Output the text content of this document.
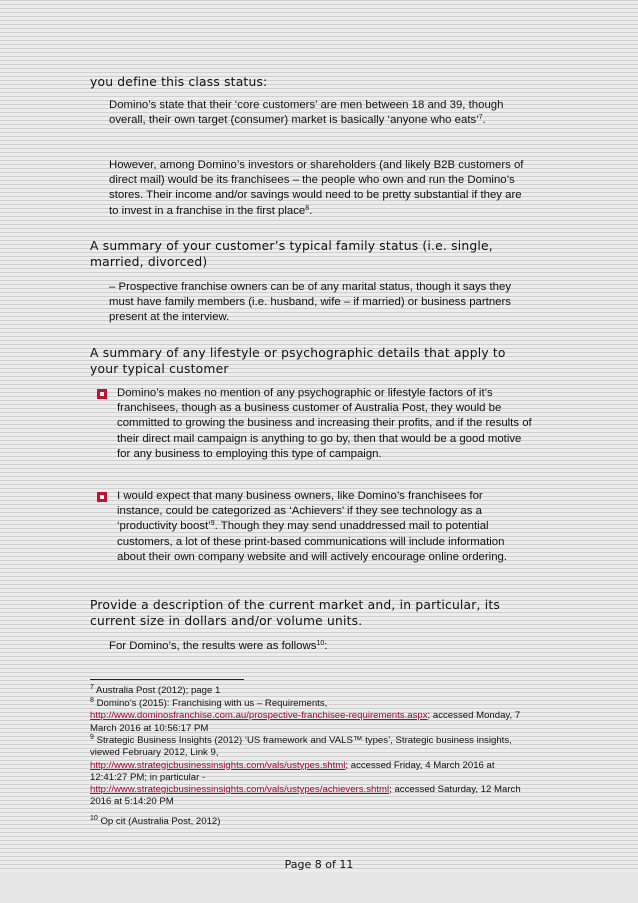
you define this class status:
Domino’s state that their ‘core customers’ are men between 18 and 39, though overall, their own target (consumer) market is basically ‘anyone who eats’$^7$.
However, among Domino’s investors or shareholders (and likely B2B customers of direct mail) would be its franchisees – the people who own and run the Domino’s stores. Their income and/or savings would need to be pretty substantial if they are to invest in a franchise in the first place$^8$.
A summary of your customer’s typical family status (i.e. single, married, divorced)
– Prospective franchise owners can be of any marital status, though it says they must have family members (i.e. husband, wife – if married) or business partners present at the interview.
A summary of any lifestyle or psychographic details that apply to your typical customer
Domino’s makes no mention of any psychographic or lifestyle factors of it’s franchisees, though as a business customer of Australia Post, they would be committed to growing the business and increasing their profits, and if the results of their direct mail campaign is anything to go by, then that would be a good motive for any business to employing this type of campaign.
I would expect that many business owners, like Domino’s franchisees for instance, could be categorized as ‘Achievers’ if they see technology as a ‘productivity boost’$^9$. Though they may send unaddressed mail to potential customers, a lot of these print-based communications will include information about their own company website and will actively encourage online ordering.
Provide a description of the current market and, in particular, its current size in dollars and/or volume units.
For Domino’s, the results were as follows$^{10}$:
$^7$ Australia Post (2012); page 1
$^8$ Domino’s (2015): Franchising with us – Requirements,
http://www.dominosfranchise.com.au/prospective-franchisee-requirements.aspx; accessed Monday, 7 March 2016 at 10:56:17 PM
$^9$ Strategic Business Insights (2012) ‘US framework and VALS™ types’, Strategic business insights, viewed February 2012, Link 9,
http://www.strategicbusinessinsights.com/vals/ustypes.shtml; accessed Friday, 4 March 2016 at 12:41:27 PM; in particular -
http://www.strategicbusinessinsights.com/vals/ustypes/achievers.shtml; accessed Saturday, 12 March 2016 at 5:14:20 PM
$^{10}$ Op cit (Australia Post, 2012)
Page 8 of 11
